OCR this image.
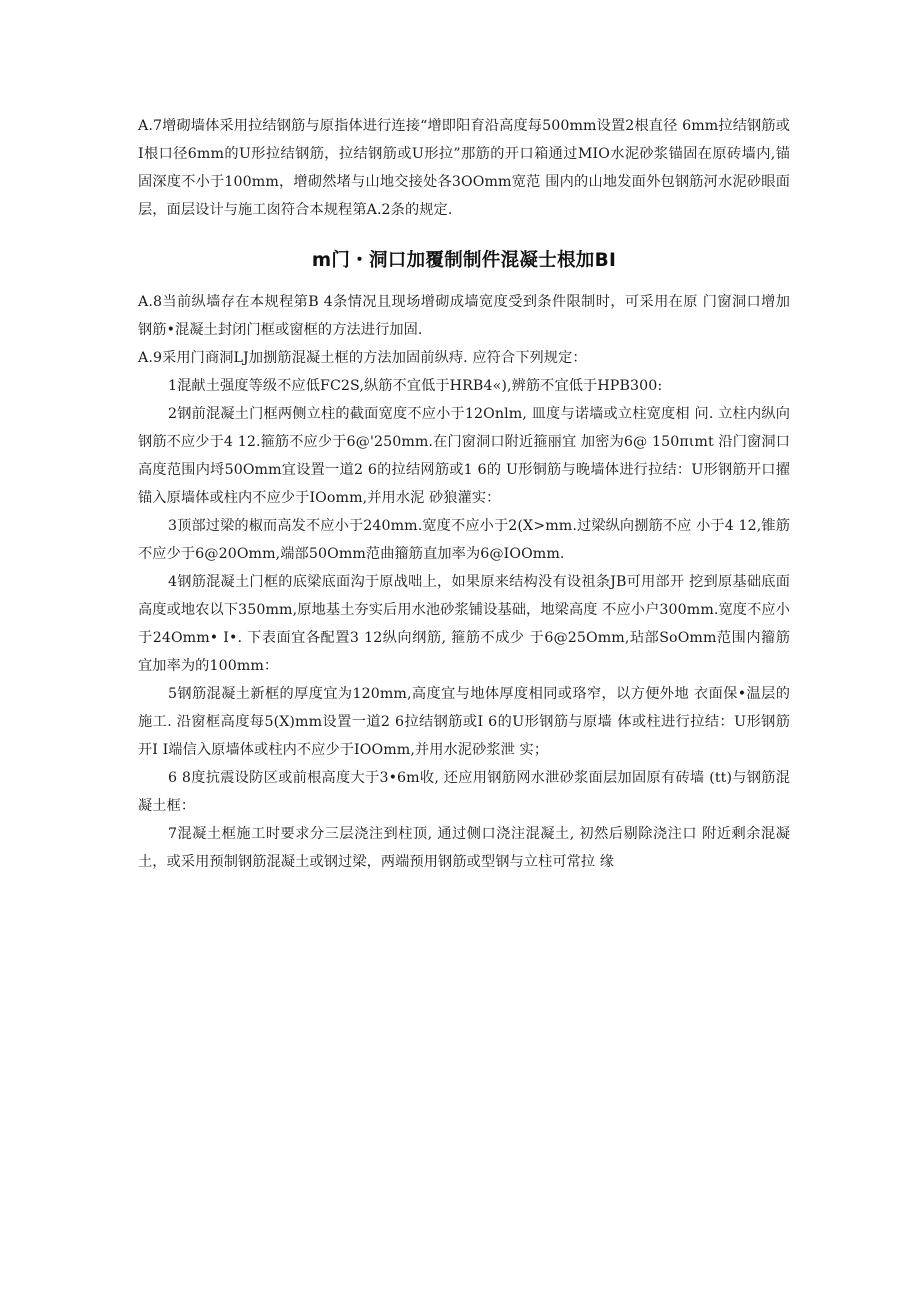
A.7增砌墙体采用拉结钢筋与原指体进行连接“增即阳育沿高度每500mm设置2根直径 6mm拉结钢筋或I根口径6mm的U形拉结钢筋，拉结钢筋或U形拉”那筋的开口箱通过MIO水泥砂浆锚固在原砖墙内,锚固深度不小于100mm，增砌然堵与山地交接处各3OOmm宽范 围内的山地发面外包钢筋河水泥砂眼面层，面层设计与施工囱符合本规程第A.2条的规定.

m门・洞口加覆制制件混凝士根加BI

A.8当前纵墙存在本规程第B 4条情况且现场增砌成墙宽度受到条件限制时，可采用在原 门窗洞口增加钢筋•混凝土封闭门框或窗框的方法进行加固.

A.9采用门商洞LJ加捌筋混凝土框的方法加固前纵痔. 应符合下列规定：

1混献土强度等级不应低FC2S,纵筋不宜低于HRB4«),辨筋不宜低于HPB300:

2钢前混凝土门框两侧立柱的截面宽度不应小于12Onlm, 皿度与诺墙或立柱宽度相 问. 立柱内纵向钢筋不应少于4 12.箍筋不应少于6@'250mm.在门窗洞口附近箍丽宜 加密为6@ 150πιmt 沿门窗洞口高度范围内埒50Omm宜设置一道2 6的拉结网筋或1 6的 U形铜筋与晚墙体进行拉结：U形钢筋开口擢锚入原墙体或柱内不应少于IOomm,并用水泥 砂狼灌实：

3顶部过梁的椒而高发不应小于240mm.宽度不应小于2(X>mm.过梁纵向捌筋不应 小于4 12,锥筋不应少于6@20Omm,端部50Omm范曲籀筋直加率为6@IOOmm.

4钢筋混凝土门框的底梁底面沟于原战咄上，如果原来结构没有设祖条JB可用部开 挖到原基础底面高度或地农以下350mm,原地基土夯实后用水池砂浆铺设基础，地梁高度 不应小户300mm.宽度不应小于24Omm• I•. 下表面宜各配置3 12纵向纲筋, 箍筋不成少 于6@25Omm,玷部SoOmm范围内籀筋宜加率为的100mm：

5钢筋混凝土新框的厚度宜为120mm,高度宜与地体厚度相同或珞窄，以方便外地 衣面保•温层的施工. 沿窗框高度每5(X)mm设置一道2 6拉结钢筋或I 6的U形钢筋与原墙 体或柱进行拉结：U形钢筋开I I端信入原墙体或柱内不应少于IOOmm,并用水泥砂浆泄 实；

6 8度抗震设防区或前根高度大于3•6m收, 还应用钢筋网水泄砂浆面层加固原有砖墙 (tt)与钢筋混凝土框：

7混凝土框施工时要求分三层浇注到柱顶, 通过侧口浇注混凝土, 初然后剔除浇注口 附近剩余混凝土，或采用预制钢筋混凝土或钢过梁，两端预用钢筋或型钢与立柱可常拉 缘
